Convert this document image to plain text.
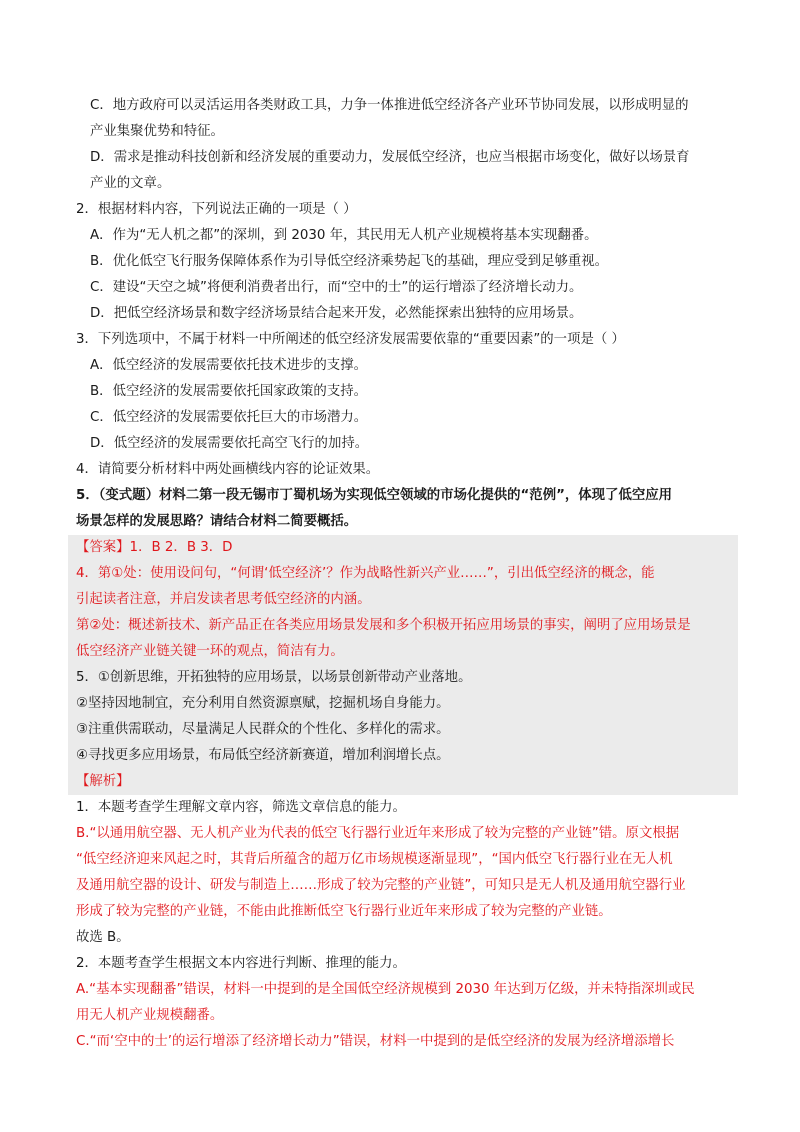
C．地方政府可以灵活运用各类财政工具，力争一体推进低空经济各产业环节协同发展，以形成明显的
产业集聚优势和特征。
D．需求是推动科技创新和经济发展的重要动力，发展低空经济，也应当根据市场变化，做好以场景育
产业的文章。
2．根据材料内容，下列说法正确的一项是（ ）
A．作为“无人机之都”的深圳，到 2030 年，其民用无人机产业规模将基本实现翻番。
B．优化低空飞行服务保障体系作为引导低空经济乘势起飞的基础，理应受到足够重视。
C．建设“天空之城”将便利消费者出行，而“空中的士”的运行增添了经济增长动力。
D．把低空经济场景和数字经济场景结合起来开发，必然能探索出独特的应用场景。
3．下列选项中，不属于材料一中所阐述的低空经济发展需要依靠的“重要因素”的一项是（ ）
A．低空经济的发展需要依托技术进步的支撑。
B．低空经济的发展需要依托国家政策的支持。
C．低空经济的发展需要依托巨大的市场潜力。
D．低空经济的发展需要依托高空飞行的加持。
4．请简要分析材料中两处画横线内容的论证效果。
5．（变式题）材料二第一段无锡市丁蜀机场为实现低空领域的市场化提供的“范例”，体现了低空应用
场景怎样的发展思路？请结合材料二简要概括。
【答案】1．B 2．B 3．D
4．第①处：使用设问句，“何谓‘低空经济’？作为战略性新兴产业……”，引出低空经济的概念，能
引起读者注意，并启发读者思考低空经济的内涵。
第②处：概述新技术、新产品正在各类应用场景发展和多个积极开拓应用场景的事实，阐明了应用场景是
低空经济产业链关键一环的观点，简洁有力。
5．①创新思维，开拓独特的应用场景，以场景创新带动产业落地。
②坚持因地制宜，充分利用自然资源禀赋，挖掘机场自身能力。
③注重供需联动，尽量满足人民群众的个性化、多样化的需求。
④寻找更多应用场景，布局低空经济新赛道，增加利润增长点。
【解析】
1．本题考查学生理解文章内容，筛选文章信息的能力。
B.“以通用航空器、无人机产业为代表的低空飞行器行业近年来形成了较为完整的产业链”错。原文根据
“低空经济迎来风起之时，其背后所蕴含的超万亿市场规模逐渐显现”，“国内低空飞行器行业在无人机
及通用航空器的设计、研发与制造上……形成了较为完整的产业链”，可知只是无人机及通用航空器行业
形成了较为完整的产业链，不能由此推断低空飞行器行业近年来形成了较为完整的产业链。
故选 B。
2．本题考查学生根据文本内容进行判断、推理的能力。
A.“基本实现翻番”错误，材料一中提到的是全国低空经济规模到 2030 年达到万亿级，并未特指深圳或民
用无人机产业规模翻番。
C.“而‘空中的士’的运行增添了经济增长动力”错误，材料一中提到的是低空经济的发展为经济增添增长
